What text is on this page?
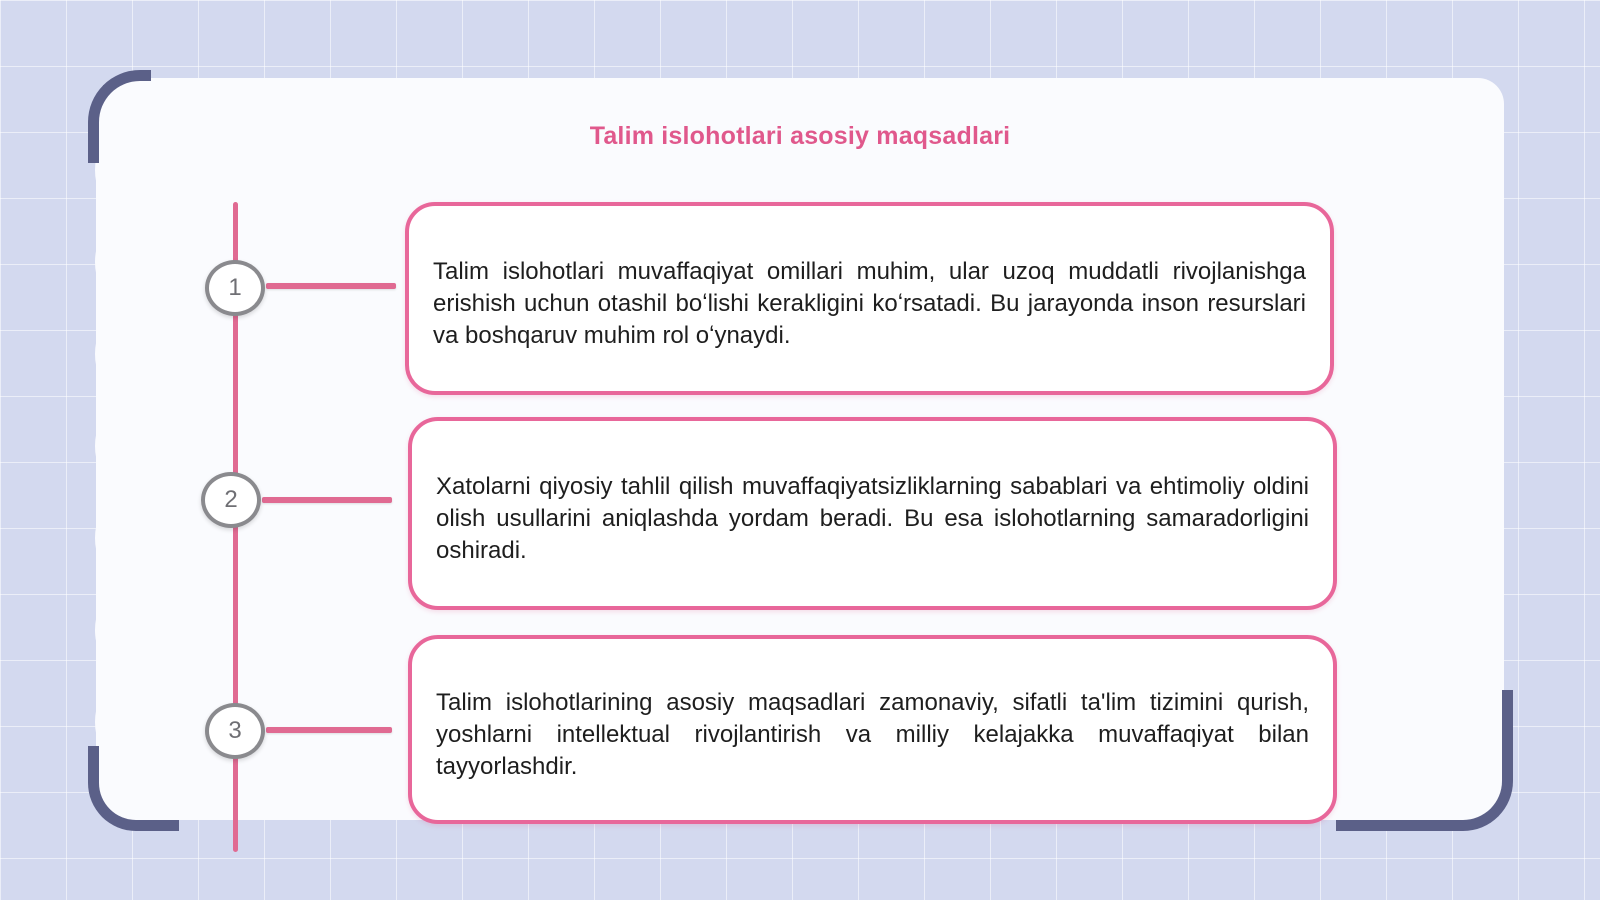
Talim islohotlari asosiy maqsadlari
1

Talim islohotlari muvaffaqiyat omillari muhim, ular uzoq muddatli rivojlanishga erishish uchun otashil boʻlishi kerakligini koʻrsatadi. Bu jarayonda inson resurslari va boshqaruv muhim rol oʻynaydi.

2	Xatolarni qiyosiy tahlil qilish muvaffaqiyatsizliklarning sabablari va ehtimoliy oldini olish usullarini aniqlashda yordam beradi. Bu esa islohotlarning samaradorligini oshiradi.

3

Talim islohotlarining asosiy maqsadlari zamonaviy, sifatli ta'lim tizimini qurish, yoshlarni intellektual rivojlantirish va milliy kelajakka muvaffaqiyat bilan tayyorlashdir.
